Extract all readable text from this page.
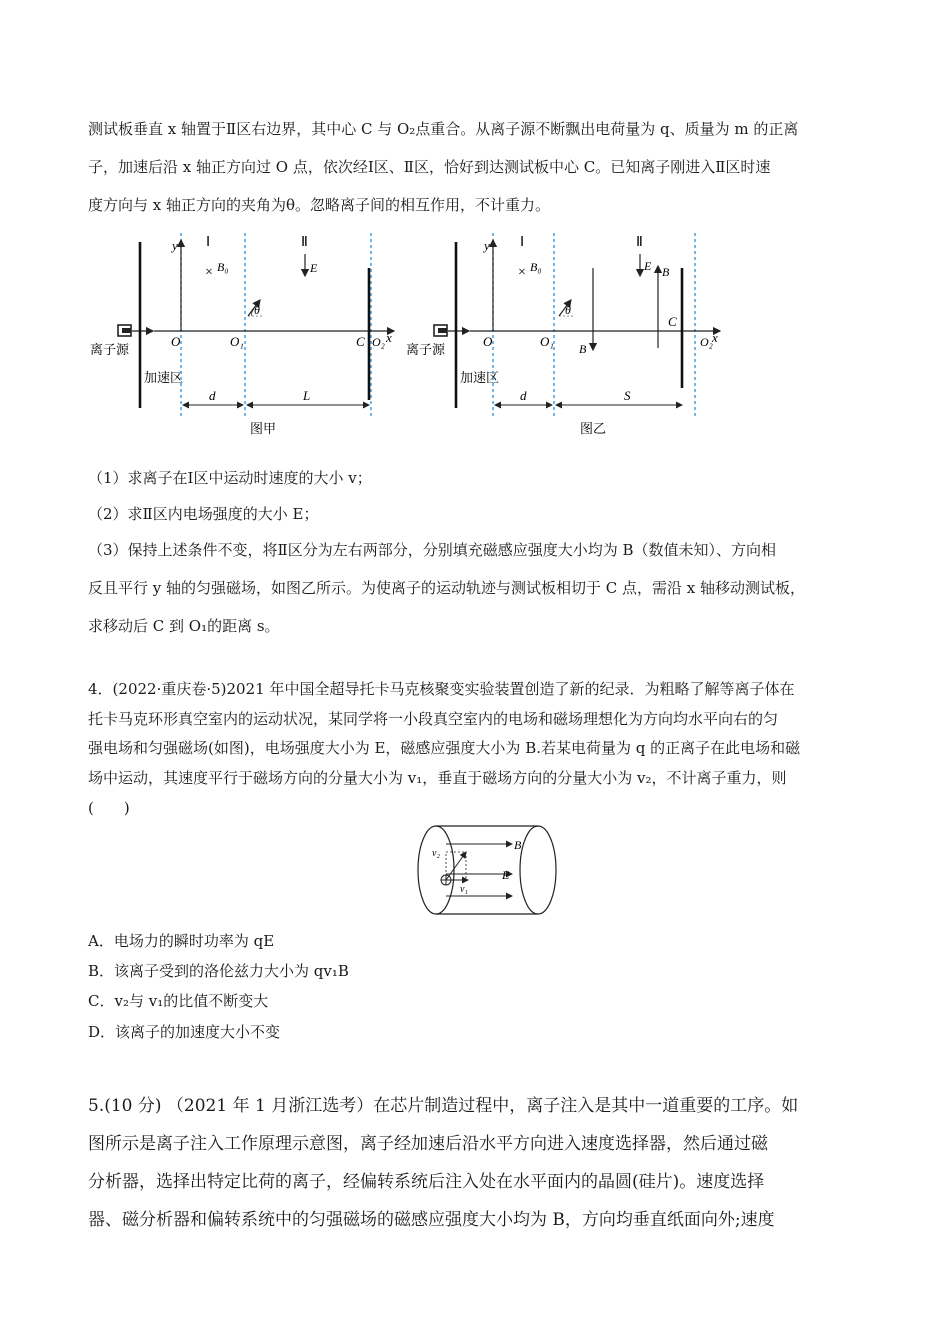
测试板垂直 x 轴置于Ⅱ区右边界，其中心 C 与 O₂点重合。从离子源不断飘出电荷量为 q、质量为 m 的正离
子，加速后沿 x 轴正方向过 O 点，依次经Ⅰ区、Ⅱ区，恰好到达测试板中心 C。已知离子刚进入Ⅱ区时速
度方向与 x 轴正方向的夹角为θ。忽略离子间的相互作用，不计重力。
离子源
加速区
y
x
Ⅰ	Ⅱ
× B₀	E
θ
O	O₁	C O₂
d	L
图甲
离子源
加速区
y
x
Ⅰ	Ⅱ
× B₀	E B
B
θ
O	O₁
C
O₂
d	S
图乙
（1）求离子在Ⅰ区中运动时速度的大小 v；
（2）求Ⅱ区内电场强度的大小 E；
（3）保持上述条件不变，将Ⅱ区分为左右两部分，分别填充磁感应强度大小均为 B（数值未知）、方向相
反且平行 y 轴的匀强磁场，如图乙所示。为使离子的运动轨迹与测试板相切于 C 点，需沿 x 轴移动测试板，
求移动后 C 到 O₁的距离 s。
4．(2022·重庆卷·5)2021 年中国全超导托卡马克核聚变实验装置创造了新的纪录．为粗略了解等离子体在
托卡马克环形真空室内的运动状况，某同学将一小段真空室内的电场和磁场理想化为方向均水平向右的匀
强电场和匀强磁场(如图)，电场强度大小为 E，磁感应强度大小为 B.若某电荷量为 q 的正离子在此电场和磁
场中运动，其速度平行于磁场方向的分量大小为 v₁，垂直于磁场方向的分量大小为 v₂，不计离子重力，则
(　　)
B
E
v₂
v₁
A．电场力的瞬时功率为 qE
B．该离子受到的洛伦兹力大小为 qv₁B
C．v₂与 v₁的比值不断变大
D．该离子的加速度大小不变
5.(10 分) （2021 年 1 月浙江选考）在芯片制造过程中，离子注入是其中一道重要的工序。如
图所示是离子注入工作原理示意图，离子经加速后沿水平方向进入速度选择器，然后通过磁
分析器，选择出特定比荷的离子，经偏转系统后注入处在水平面内的晶圆(硅片)。速度选择
器、磁分析器和偏转系统中的匀强磁场的磁感应强度大小均为 B，方向均垂直纸面向外;速度
